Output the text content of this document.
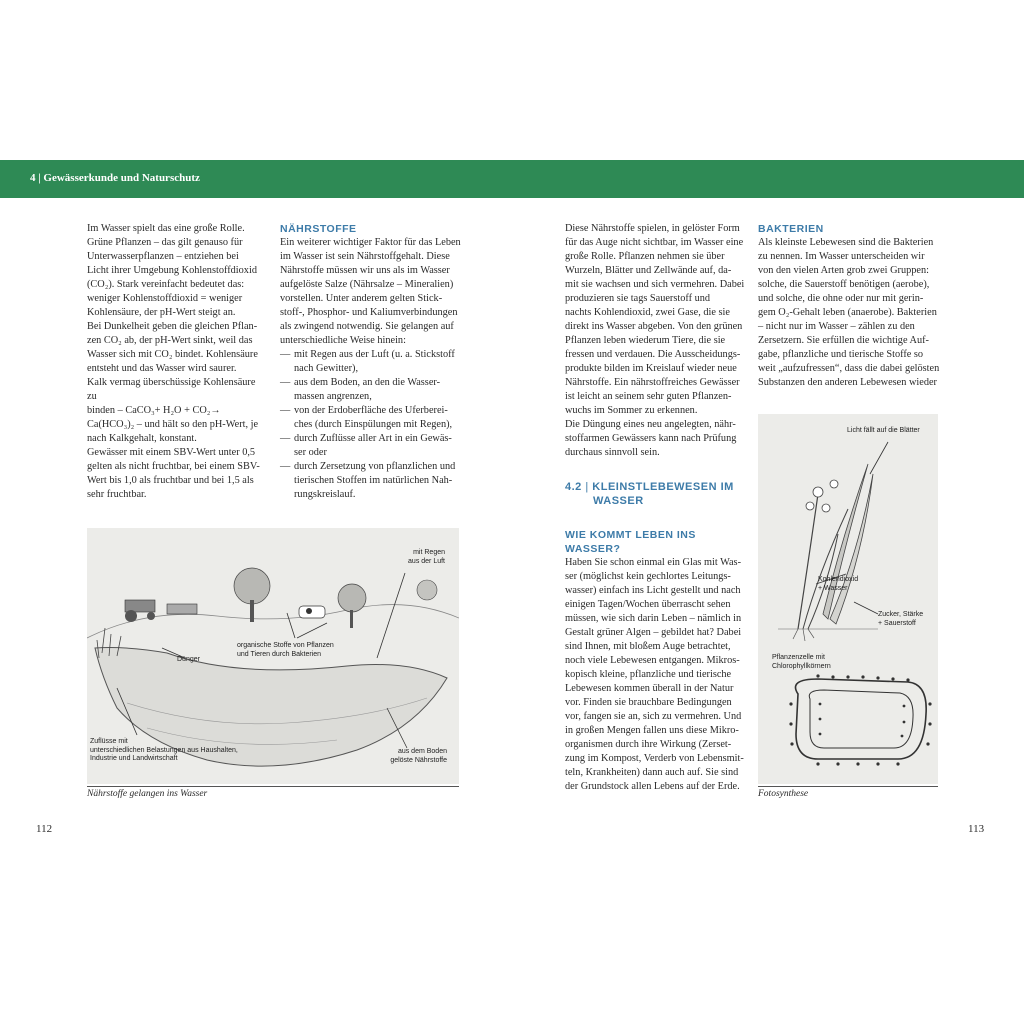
4 | Gewässerkunde und Naturschutz
Im Wasser spielt das eine große Rolle.
Grüne Pflanzen – das gilt genauso für
Unterwasserpflanzen – entziehen bei
Licht ihrer Umgebung Kohlenstoffdioxid
(CO₂). Stark vereinfacht bedeutet das:
weniger Kohlenstoffdioxid = weniger
Kohlensäure, der pH-Wert steigt an.
Bei Dunkelheit geben die gleichen Pflan-
zen CO₂ ab, der pH-Wert sinkt, weil das
Wasser sich mit CO₂ bindet. Kohlensäure
entsteht und das Wasser wird saurer.
Kalk vermag überschüssige Kohlensäure zu
binden – CaCO₃+ H₂O + CO₂→
Ca(HCO₃)₂ – und hält so den pH-Wert, je
nach Kalkgehalt, konstant.
Gewässer mit einem SBV-Wert unter 0,5
gelten als nicht fruchtbar, bei einem SBV-
Wert bis 1,0 als fruchtbar und bei 1,5 als
sehr fruchtbar.
NÄHRSTOFFE
Ein weiterer wichtiger Faktor für das Leben
im Wasser ist sein Nährstoffgehalt. Diese
Nährstoffe müssen wir uns als im Wasser
aufgelöste Salze (Nährsalze – Mineralien)
vorstellen. Unter anderem gelten Stick-
stoff-, Phosphor- und Kaliumverbindungen
als zwingend notwendig. Sie gelangen auf
unterschiedliche Weise hinein:
— mit Regen aus der Luft (u. a. Stickstoff
nach Gewitter),
— aus dem Boden, an den die Wasser-
massen angrenzen,
— von der Erdoberfläche des Uferberei-
ches (durch Einspülungen mit Regen),
— durch Zuflüsse aller Art in ein Gewäs-
ser oder
— durch Zersetzung von pflanzlichen und
tierischen Stoffen im natürlichen Nah-
rungskreislauf.
mit Regen
aus der Luft
organische Stoffe von Pflanzen
und Tieren durch Bakterien
Dünger
Zuflüsse mit
unterschiedlichen Belastungen aus Haushalten,
Industrie und Landwirtschaft
aus dem Boden
gelöste Nährstoffe
Nährstoffe gelangen ins Wasser
112
Diese Nährstoffe spielen, in gelöster Form
für das Auge nicht sichtbar, im Wasser eine
große Rolle. Pflanzen nehmen sie über
Wurzeln, Blätter und Zellwände auf, da-
mit sie wachsen und sich vermehren. Dabei
produzieren sie tags Sauerstoff und
nachts Kohlendioxid, zwei Gase, die sie
direkt ins Wasser abgeben. Von den grünen
Pflanzen leben wiederum Tiere, die sie
fressen und verdauen. Die Ausscheidungs-
produkte bilden im Kreislauf wieder neue
Nährstoffe. Ein nährstoffreiches Gewässer
ist leicht an seinem sehr guten Pflanzen-
wuchs im Sommer zu erkennen.
Die Düngung eines neu angelegten, nähr-
stoffarmen Gewässers kann nach Prüfung
durchaus sinnvoll sein.
4.2 | KLEINSTLEBEWESEN IM
WASSER
WIE KOMMT LEBEN INS WASSER?
Haben Sie schon einmal ein Glas mit Was-
ser (möglichst kein gechlortes Leitungs-
wasser) einfach ins Licht gestellt und nach
einigen Tagen/Wochen überrascht sehen
müssen, wie sich darin Leben – nämlich in
Gestalt grüner Algen – gebildet hat? Dabei
sind Ihnen, mit bloßem Auge betrachtet,
noch viele Lebewesen entgangen. Mikros-
kopisch kleine, pflanzliche und tierische
Lebewesen kommen überall in der Natur
vor. Finden sie brauchbare Bedingungen
vor, fangen sie an, sich zu vermehren. Und
in großen Mengen fallen uns diese Mikro-
organismen durch ihre Wirkung (Zerset-
zung im Kompost, Verderb von Lebensmit-
teln, Krankheiten) dann auch auf. Sie sind
der Grundstock allen Lebens auf der Erde.
BAKTERIEN
Als kleinste Lebewesen sind die Bakterien
zu nennen. Im Wasser unterscheiden wir
von den vielen Arten grob zwei Gruppen:
solche, die Sauerstoff benötigen (aerobe),
und solche, die ohne oder nur mit gerin-
gem O₂-Gehalt leben (anaerobe). Bakterien
– nicht nur im Wasser – zählen zu den
Zersetzern. Sie erfüllen die wichtige Auf-
gabe, pflanzliche und tierische Stoffe so
weit „aufzufressen“, dass die dabei gelösten
Substanzen den anderen Lebewesen wieder
Licht fällt auf die Blätter
Kohlendioxid
+ Wasser
Zucker, Stärke
+ Sauerstoff
Pflanzenzelle mit
Chlorophyllkörnern
Fotosynthese
113
